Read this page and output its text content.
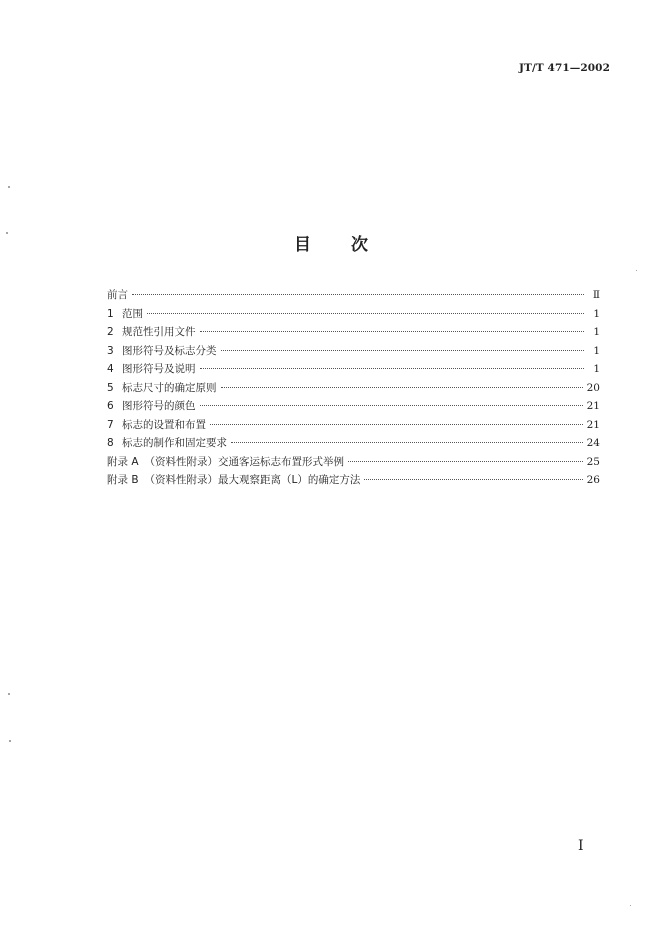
JT/T 471—2002
目 次
前言	Ⅱ
1 范围	1
2 规范性引用文件	1
3 图形符号及标志分类	1
4 图形符号及说明	1
5 标志尺寸的确定原则	20
6 图形符号的颜色	21
7 标志的设置和布置	21
8 标志的制作和固定要求	24
附录 A （资料性附录）交通客运标志布置形式举例	25
附录 B （资料性附录）最大观察距离（L）的确定方法	26
Ⅰ
